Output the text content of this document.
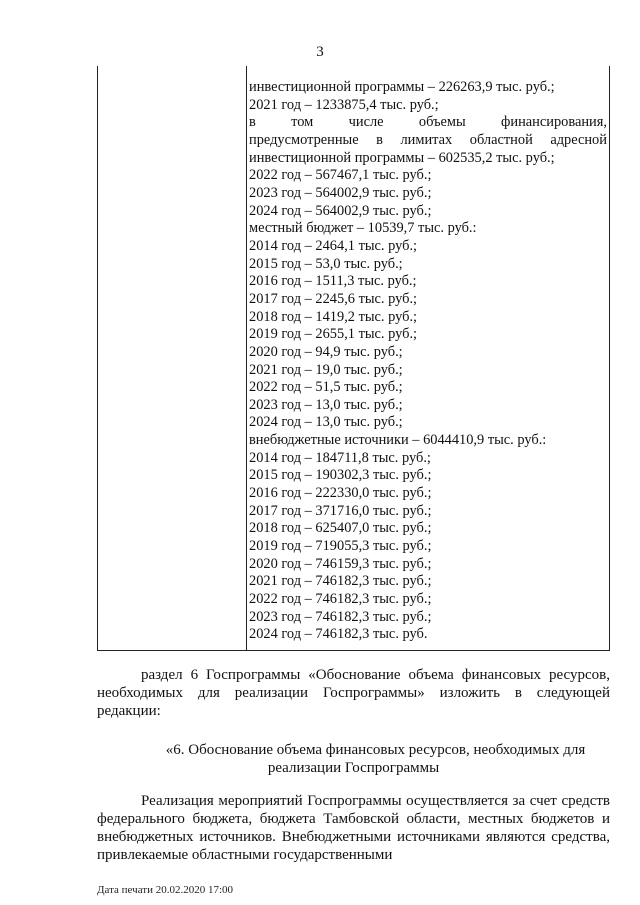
3
инвестиционной программы – 226263,9 тыс. руб.;
2021 год – 1233875,4 тыс. руб.;
в том числе объемы финансирования,
предусмотренные в лимитах областной адресной
инвестиционной программы – 602535,2 тыс. руб.;
2022 год – 567467,1 тыс. руб.;
2023 год – 564002,9 тыс. руб.;
2024 год – 564002,9 тыс. руб.;
местный бюджет – 10539,7 тыс. руб.:
2014 год – 2464,1 тыс. руб.;
2015 год – 53,0 тыс. руб.;
2016 год – 1511,3 тыс. руб.;
2017 год – 2245,6 тыс. руб.;
2018 год – 1419,2 тыс. руб.;
2019 год – 2655,1 тыс. руб.;
2020 год – 94,9 тыс. руб.;
2021 год – 19,0 тыс. руб.;
2022 год – 51,5 тыс. руб.;
2023 год – 13,0 тыс. руб.;
2024 год – 13,0 тыс. руб.;
внебюджетные источники – 6044410,9 тыс. руб.:
2014 год – 184711,8 тыс. руб.;
2015 год – 190302,3 тыс. руб.;
2016 год – 222330,0 тыс. руб.;
2017 год – 371716,0 тыс. руб.;
2018 год – 625407,0 тыс. руб.;
2019 год – 719055,3 тыс. руб.;
2020 год – 746159,3 тыс. руб.;
2021 год – 746182,3 тыс. руб.;
2022 год – 746182,3 тыс. руб.;
2023 год – 746182,3 тыс. руб.;
2024 год – 746182,3 тыс. руб.
раздел 6 Госпрограммы «Обоснование объема финансовых ресурсов, необходимых для реализации Госпрограммы» изложить в следующей редакции:
«6. Обоснование объема финансовых ресурсов, необходимых для
реализации Госпрограммы
Реализация мероприятий Госпрограммы осуществляется за счет средств федерального бюджета, бюджета Тамбовской области, местных бюджетов и внебюджетных источников. Внебюджетными источниками являются средства, привлекаемые областными государственными
Дата печати 20.02.2020 17:00
